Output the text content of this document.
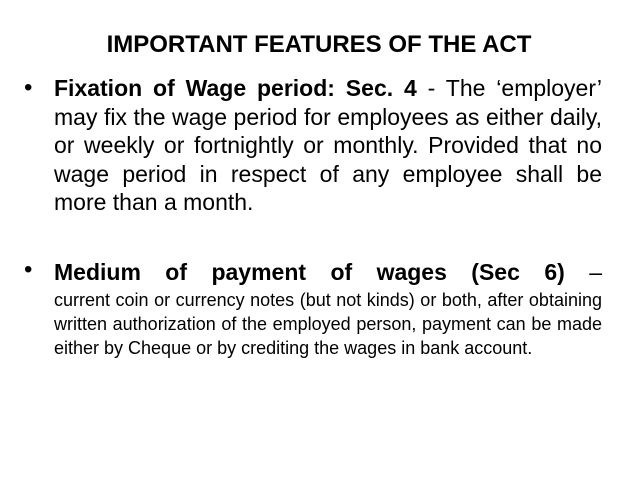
IMPORTANT FEATURES OF THE ACT
• Fixation of Wage period: Sec. 4 - The ‘employer’ may fix the wage period for employees as either daily, or weekly or fortnightly or monthly. Provided that no wage period in respect of any employee shall be more than a month.
• Medium of payment of wages (Sec 6) –
current coin or currency notes (but not kinds) or both, after obtaining written authorization of the employed person, payment can be made either by Cheque or by crediting the wages in bank account.
